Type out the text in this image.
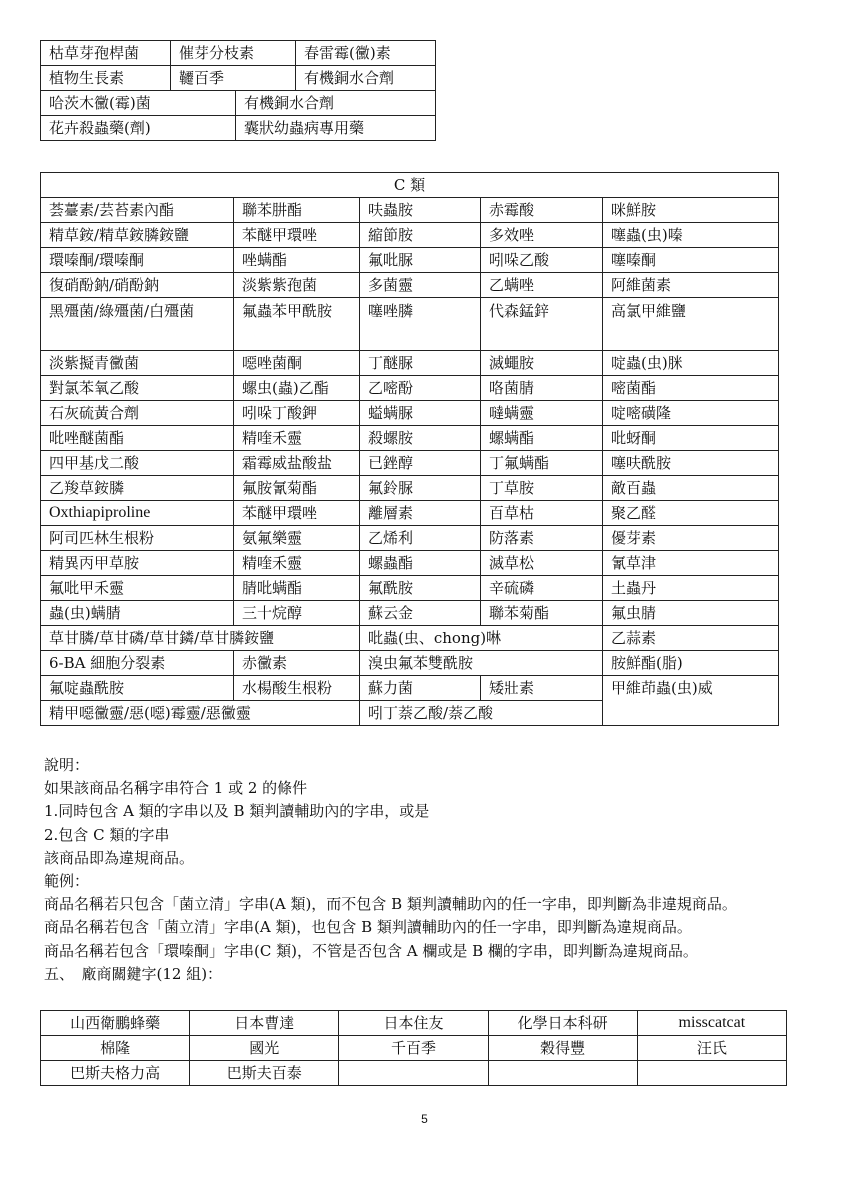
枯草芽孢桿菌	催芽分枝素		春雷霉(黴)素	
植物生長素	韆百季		有機銅水合劑	
哈茨木黴(霉)菌		有機銅水合劑		
花卉殺蟲藥(劑)		囊狀幼蟲病專用藥		
C 類				
荟薹素/芸苔素內酯	聯苯肼酯	呋蟲胺	赤霉酸	咪鮮胺
精草銨/精草銨膦銨鹽	苯醚甲環唑	縮節胺	多效唑	噻蟲(虫)嗪
環嗪酮/環嗪酮	唑螨酯	氟吡脲	吲哚乙酸	噻嗪酮
復硝酚鈉/硝酚鈉	淡紫紫孢菌	多菌靈	乙螨唑	阿維菌素
黑殭菌/綠殭菌/白殭菌	氟蟲苯甲酰胺	噻唑膦	代森錳鋅	高氯甲維鹽
淡紫擬青黴菌	噁唑菌酮	丁醚脲	滅蠅胺	啶蟲(虫)脒
對氯苯氧乙酸	螺虫(蟲)乙酯	乙嘧酚	咯菌腈	嘧菌酯
石灰硫黃合劑	吲哚丁酸鉀	螠螨脲	噠螨靈	啶嘧磺隆
吡唑醚菌酯	精喹禾靈	殺螺胺	螺螨酯	吡蚜酮
四甲基戊二酸	霜霉威盐酸盐	已銼醇	丁氟螨酯	噻呋酰胺
乙羧草銨膦	氟胺氰菊酯	氟鈴脲	丁草胺	敵百蟲
Oxthiapiproline	苯醚甲環唑	離層素	百草枯	聚乙醛
阿司匹林生根粉	氨氟樂靈	乙烯利	防落素	優芽素
精異丙甲草胺	精喹禾靈	螺蟲酯	滅草松	氰草津
氟吡甲禾靈	腈吡螨酯	氟酰胺	辛硫磷	土蟲丹
蟲(虫)螨腈	三十烷醇	蘇云金	聯苯菊酯	氟虫腈
草甘膦/草甘磷/草甘鏻/草甘膦銨鹽		吡蟲(虫、chong)啉		乙蒜素
6-BA 細胞分裂素	赤黴素	溴虫氟苯雙酰胺		胺鮮酯(脂)
氟啶蟲酰胺	水楊酸生根粉	蘇力菌	矮壯素	甲維茚蟲(虫)威
精甲噁黴靈/惡(噁)霉靈/惡黴靈		吲丁萘乙酸/萘乙酸		
說明：
如果該商品名稱字串符合 1 或 2 的條件
1.同時包含 A 類的字串以及 B 類判讀輔助內的字串，或是
2.包含 C 類的字串
該商品即為違規商品。
範例：
商品名稱若只包含「菌立清」字串(A 類)，而不包含 B 類判讀輔助內的任一字串，即判斷為非違規商品。
商品名稱若包含「菌立清」字串(A 類)，也包含 B 類判讀輔助內的任一字串，即判斷為違規商品。
商品名稱若包含「環嗪酮」字串(C 類)，不管是否包含 A 欄或是 B 欄的字串，即判斷為違規商品。
五、　廠商關鍵字(12 組)：
山西衛鵬蜂藥	日本曹達	日本住友	化學日本科研	misscatcat
棉隆	國光	千百季	穀得豐	汪氏
巴斯夫格力高	巴斯夫百泰			
5
